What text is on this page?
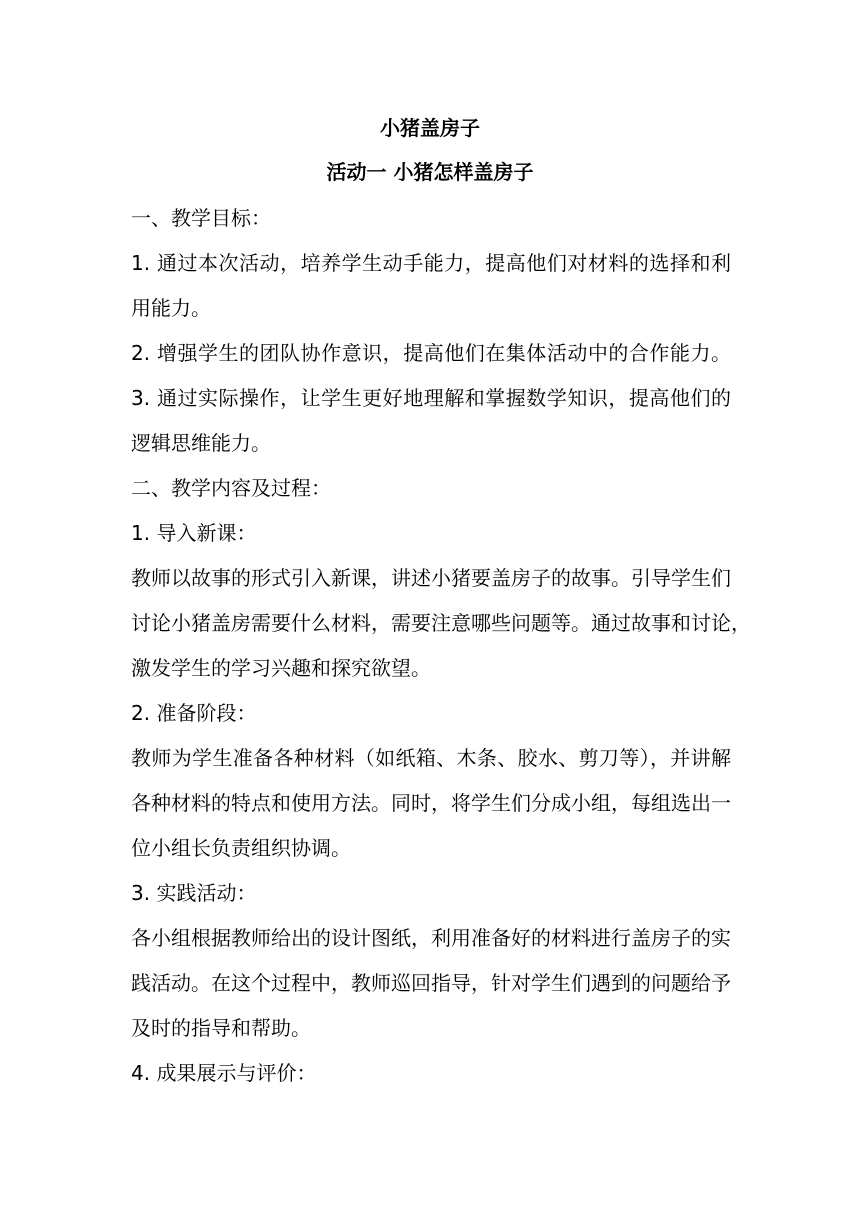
小猪盖房子
活动一 小猪怎样盖房子
一、教学目标：
1. 通过本次活动，培养学生动手能力，提高他们对材料的选择和利
用能力。
2. 增强学生的团队协作意识，提高他们在集体活动中的合作能力。
3. 通过实际操作，让学生更好地理解和掌握数学知识，提高他们的
逻辑思维能力。
二、教学内容及过程：
1. 导入新课：
教师以故事的形式引入新课，讲述小猪要盖房子的故事。引导学生们
讨论小猪盖房需要什么材料，需要注意哪些问题等。通过故事和讨论，
激发学生的学习兴趣和探究欲望。
2. 准备阶段：
教师为学生准备各种材料（如纸箱、木条、胶水、剪刀等），并讲解
各种材料的特点和使用方法。同时，将学生们分成小组，每组选出一
位小组长负责组织协调。
3. 实践活动：
各小组根据教师给出的设计图纸，利用准备好的材料进行盖房子的实
践活动。在这个过程中，教师巡回指导，针对学生们遇到的问题给予
及时的指导和帮助。
4. 成果展示与评价：
